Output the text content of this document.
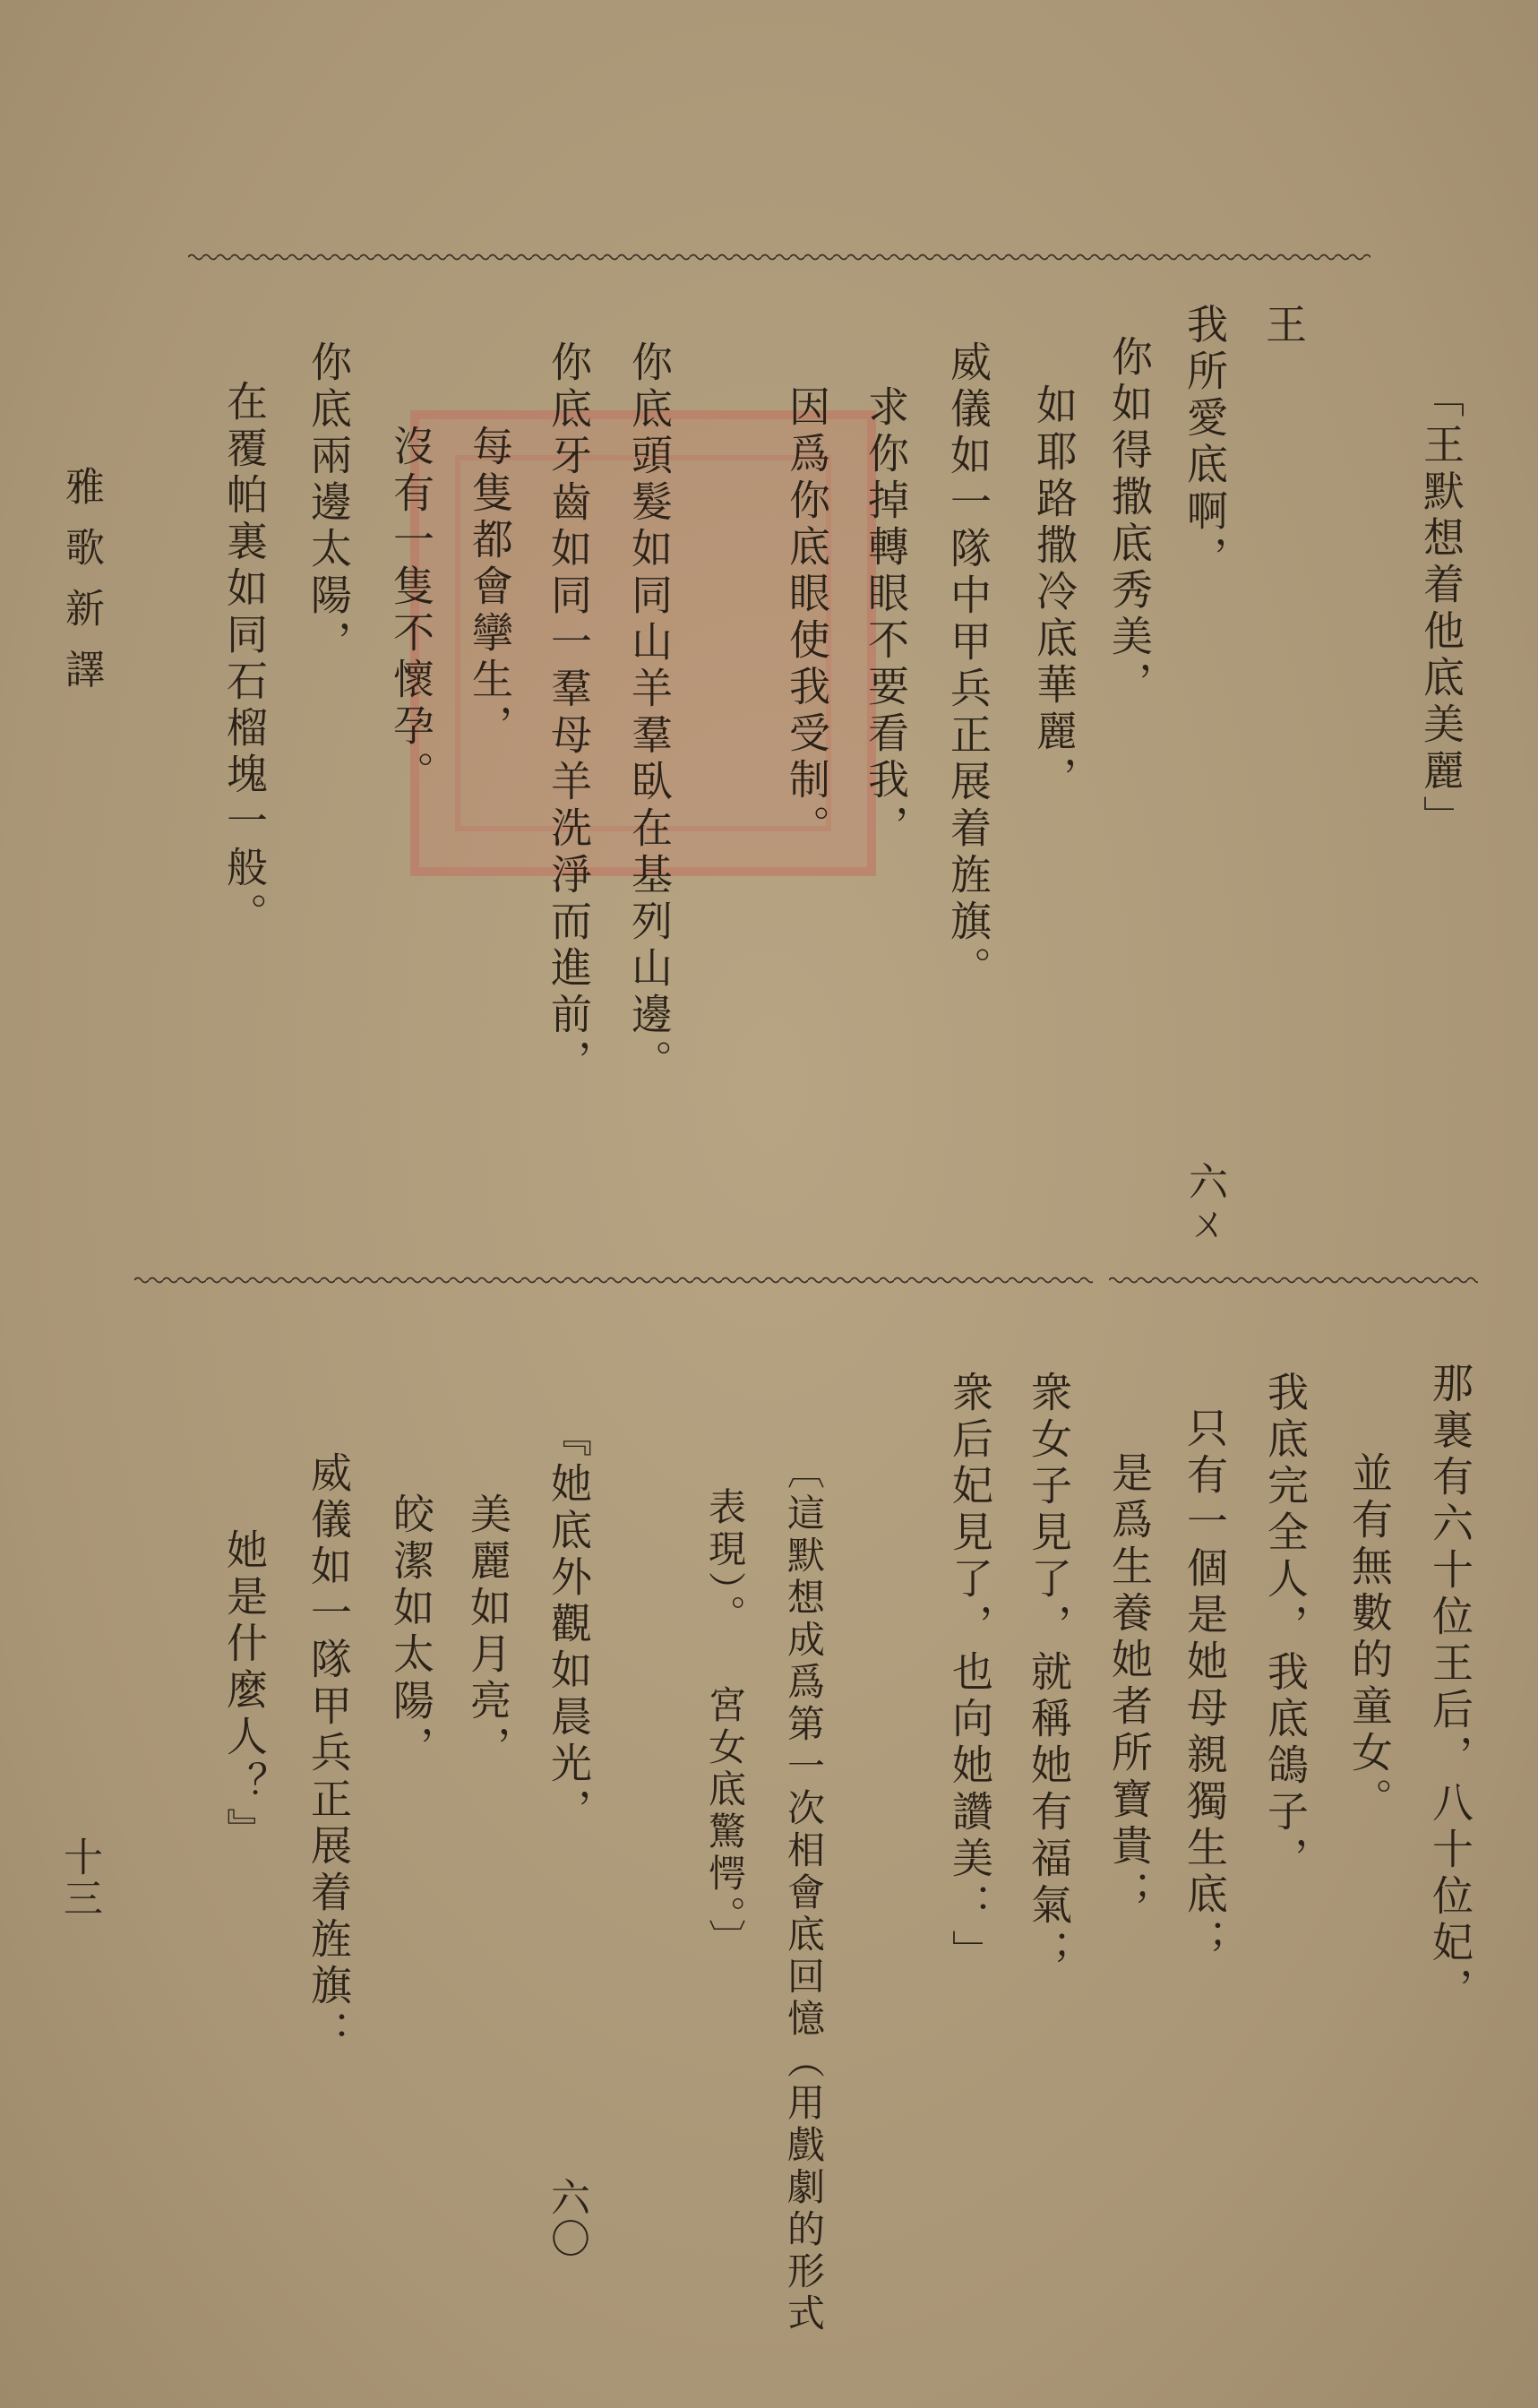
「王默想着他底美麗」
王
我所愛底啊，
你如得撒底秀美，
如耶路撒冷底華麗，
威儀如一隊中甲兵正展着旌旗。
求你掉轉眼不要看我，
因爲你底眼使我受制。
你底頭髮如同山羊羣臥在基列山邊。
你底牙齒如同一羣母羊洗淨而進前，
每隻都會攣生，
沒有一隻不懷孕。
你底兩邊太陽，
在覆帕裏如同石榴塊一般。
六ㄨ
那裏有六十位王后，八十位妃，
並有無數的童女。
我底完全人，我底鴿子，
只有一個是她母親獨生底；
是爲生養她者所寶貴；
衆女子見了，就稱她有福氣；
衆后妃見了，也向她讚美：」
〔這默想成爲第一次相會底回憶（用戲劇的形式
表現）。 宮女底驚愕。〕
『她底外觀如晨光，
美麗如月亮，
皎潔如太陽，
威儀如一隊甲兵正展着旌旗：
她是什麼人？』
六〇
雅歌新譯
十三
